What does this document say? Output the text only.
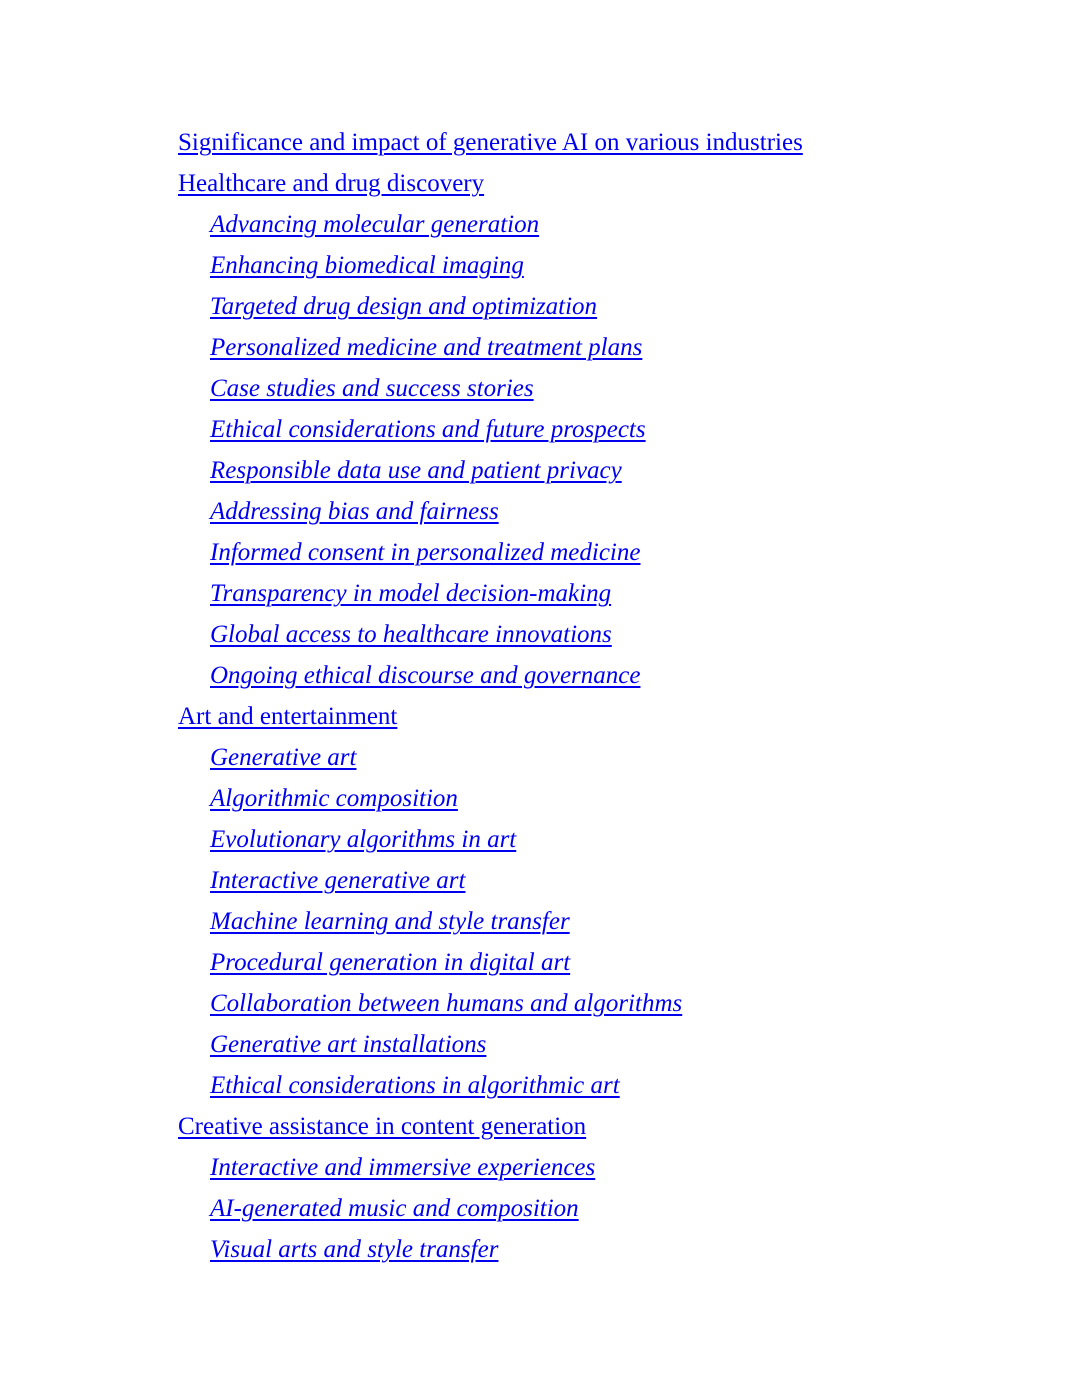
Significance and impact of generative AI on various industries
Healthcare and drug discovery
Advancing molecular generation
Enhancing biomedical imaging
Targeted drug design and optimization
Personalized medicine and treatment plans
Case studies and success stories
Ethical considerations and future prospects
Responsible data use and patient privacy
Addressing bias and fairness
Informed consent in personalized medicine
Transparency in model decision-making
Global access to healthcare innovations
Ongoing ethical discourse and governance
Art and entertainment
Generative art
Algorithmic composition
Evolutionary algorithms in art
Interactive generative art
Machine learning and style transfer
Procedural generation in digital art
Collaboration between humans and algorithms
Generative art installations
Ethical considerations in algorithmic art
Creative assistance in content generation
Interactive and immersive experiences
AI-generated music and composition
Visual arts and style transfer
